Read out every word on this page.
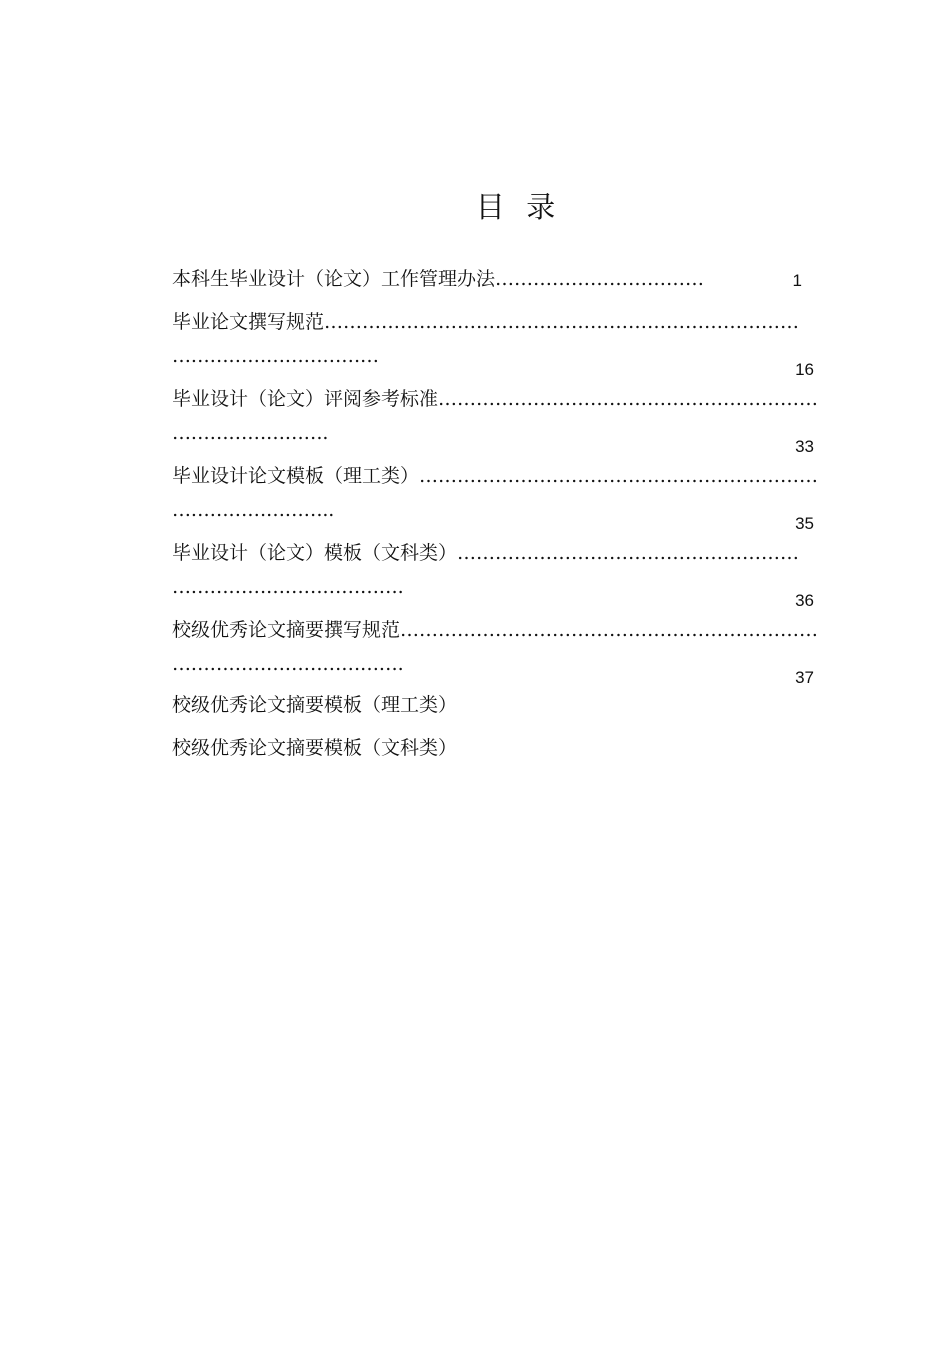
目  录
本科生毕业设计（论文）工作管理办法……………………………	1
毕业论文撰写规范…………………………………………………………………
……………………………
16
毕业设计（论文）评阅参考标准……………………………………………………
…………………….
33
毕业设计论文模板（理工类）………………………………………………………
……………………..
35
毕业设计（论文）模板（文科类）………………………………………………
……………………………….
36
校级优秀论文摘要撰写规范…………………………………………………………
……………………………….
37
校级优秀论文摘要模板（理工类）
校级优秀论文摘要模板（文科类）
